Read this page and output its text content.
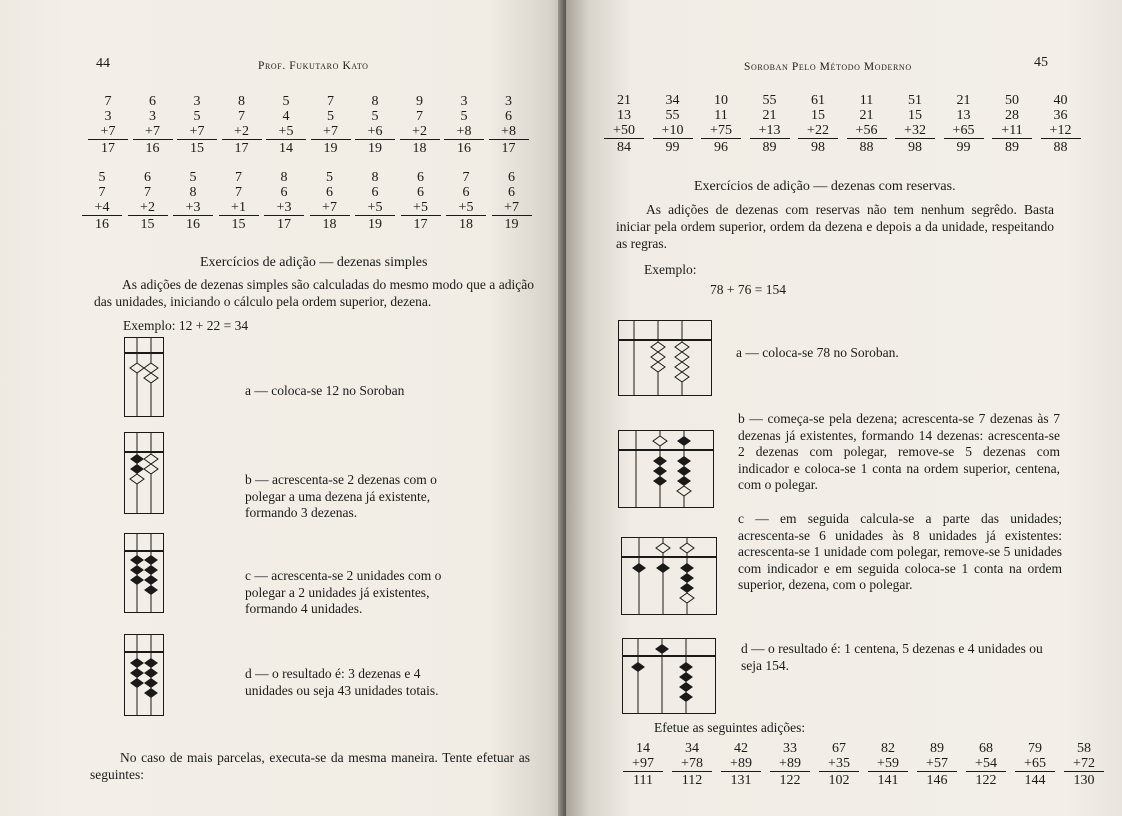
44	Prof. Fukutaro Kato
7
3
+7
17
6
3
+7
16
3
5
+7
15
8
7
+2
17
5
4
+5
14
7
5
+7
19
8
5
+6
19
9
7
+2
18
3
5
+8
16
3
6
+8
17
5
7
+4
16
6
7
+2
15
5
8
+3
16
7
7
+1
15
8
6
+3
17
5
6
+7
18
8
6
+5
19
6
6
+5
17
7
6
+5
18
6
6
+7
19
Exercícios de adição — dezenas simples
As adições de dezenas simples são calculadas do mesmo modo que a adição das unidades, iniciando o cálculo pela ordem superior, dezena.
Exemplo: 12 + 22 = 34
a — coloca-se 12 no Soroban
b — acrescenta-se 2 dezenas com o polegar a uma dezena já existente, formando 3 dezenas.
c — acrescenta-se 2 unidades com o polegar a 2 unidades já existentes, formando 4 unidades.
d — o resultado é: 3 dezenas e 4 unidades ou seja 43 unidades totais.
No caso de mais parcelas, executa-se da mesma maneira. Tente efetuar as seguintes:
Soroban Pelo Método Moderno	45
21
13
+50
84
34
55
+10
99
10
11
+75
96
55
21
+13
89
61
15
+22
98
11
21
+56
88
51
15
+32
98
21
13
+65
99
50
28
+11
89
40
36
+12
88
Exercícios de adição — dezenas com reservas.
As adições de dezenas com reservas não tem nenhum segrêdo. Basta iniciar pela ordem superior, ordem da dezena e depois a da unidade, respeitando as regras.
Exemplo:
78 + 76 = 154
a — coloca-se 78 no Soroban.
b — começa-se pela dezena; acrescenta-se 7 dezenas às 7 dezenas já existentes, formando 14 dezenas: acrescenta-se 2 dezenas com polegar, remove-se 5 dezenas com indicador e coloca-se 1 conta na ordem superior, centena, com o polegar.
c — em seguida calcula-se a parte das unidades; acrescenta-se 6 unidades às 8 unidades já existentes: acrescenta-se 1 unidade com polegar, remove-se 5 unidades com indicador e em seguida coloca-se 1 conta na ordem superior, dezena, com o polegar.
d — o resultado é: 1 centena, 5 dezenas e 4 unidades ou seja 154.
Efetue as seguintes adições:
14
+97
111
34
+78
112
42
+89
131
33
+89
122
67
+35
102
82
+59
141
89
+57
146
68
+54
122
79
+65
144
58
+72
130
